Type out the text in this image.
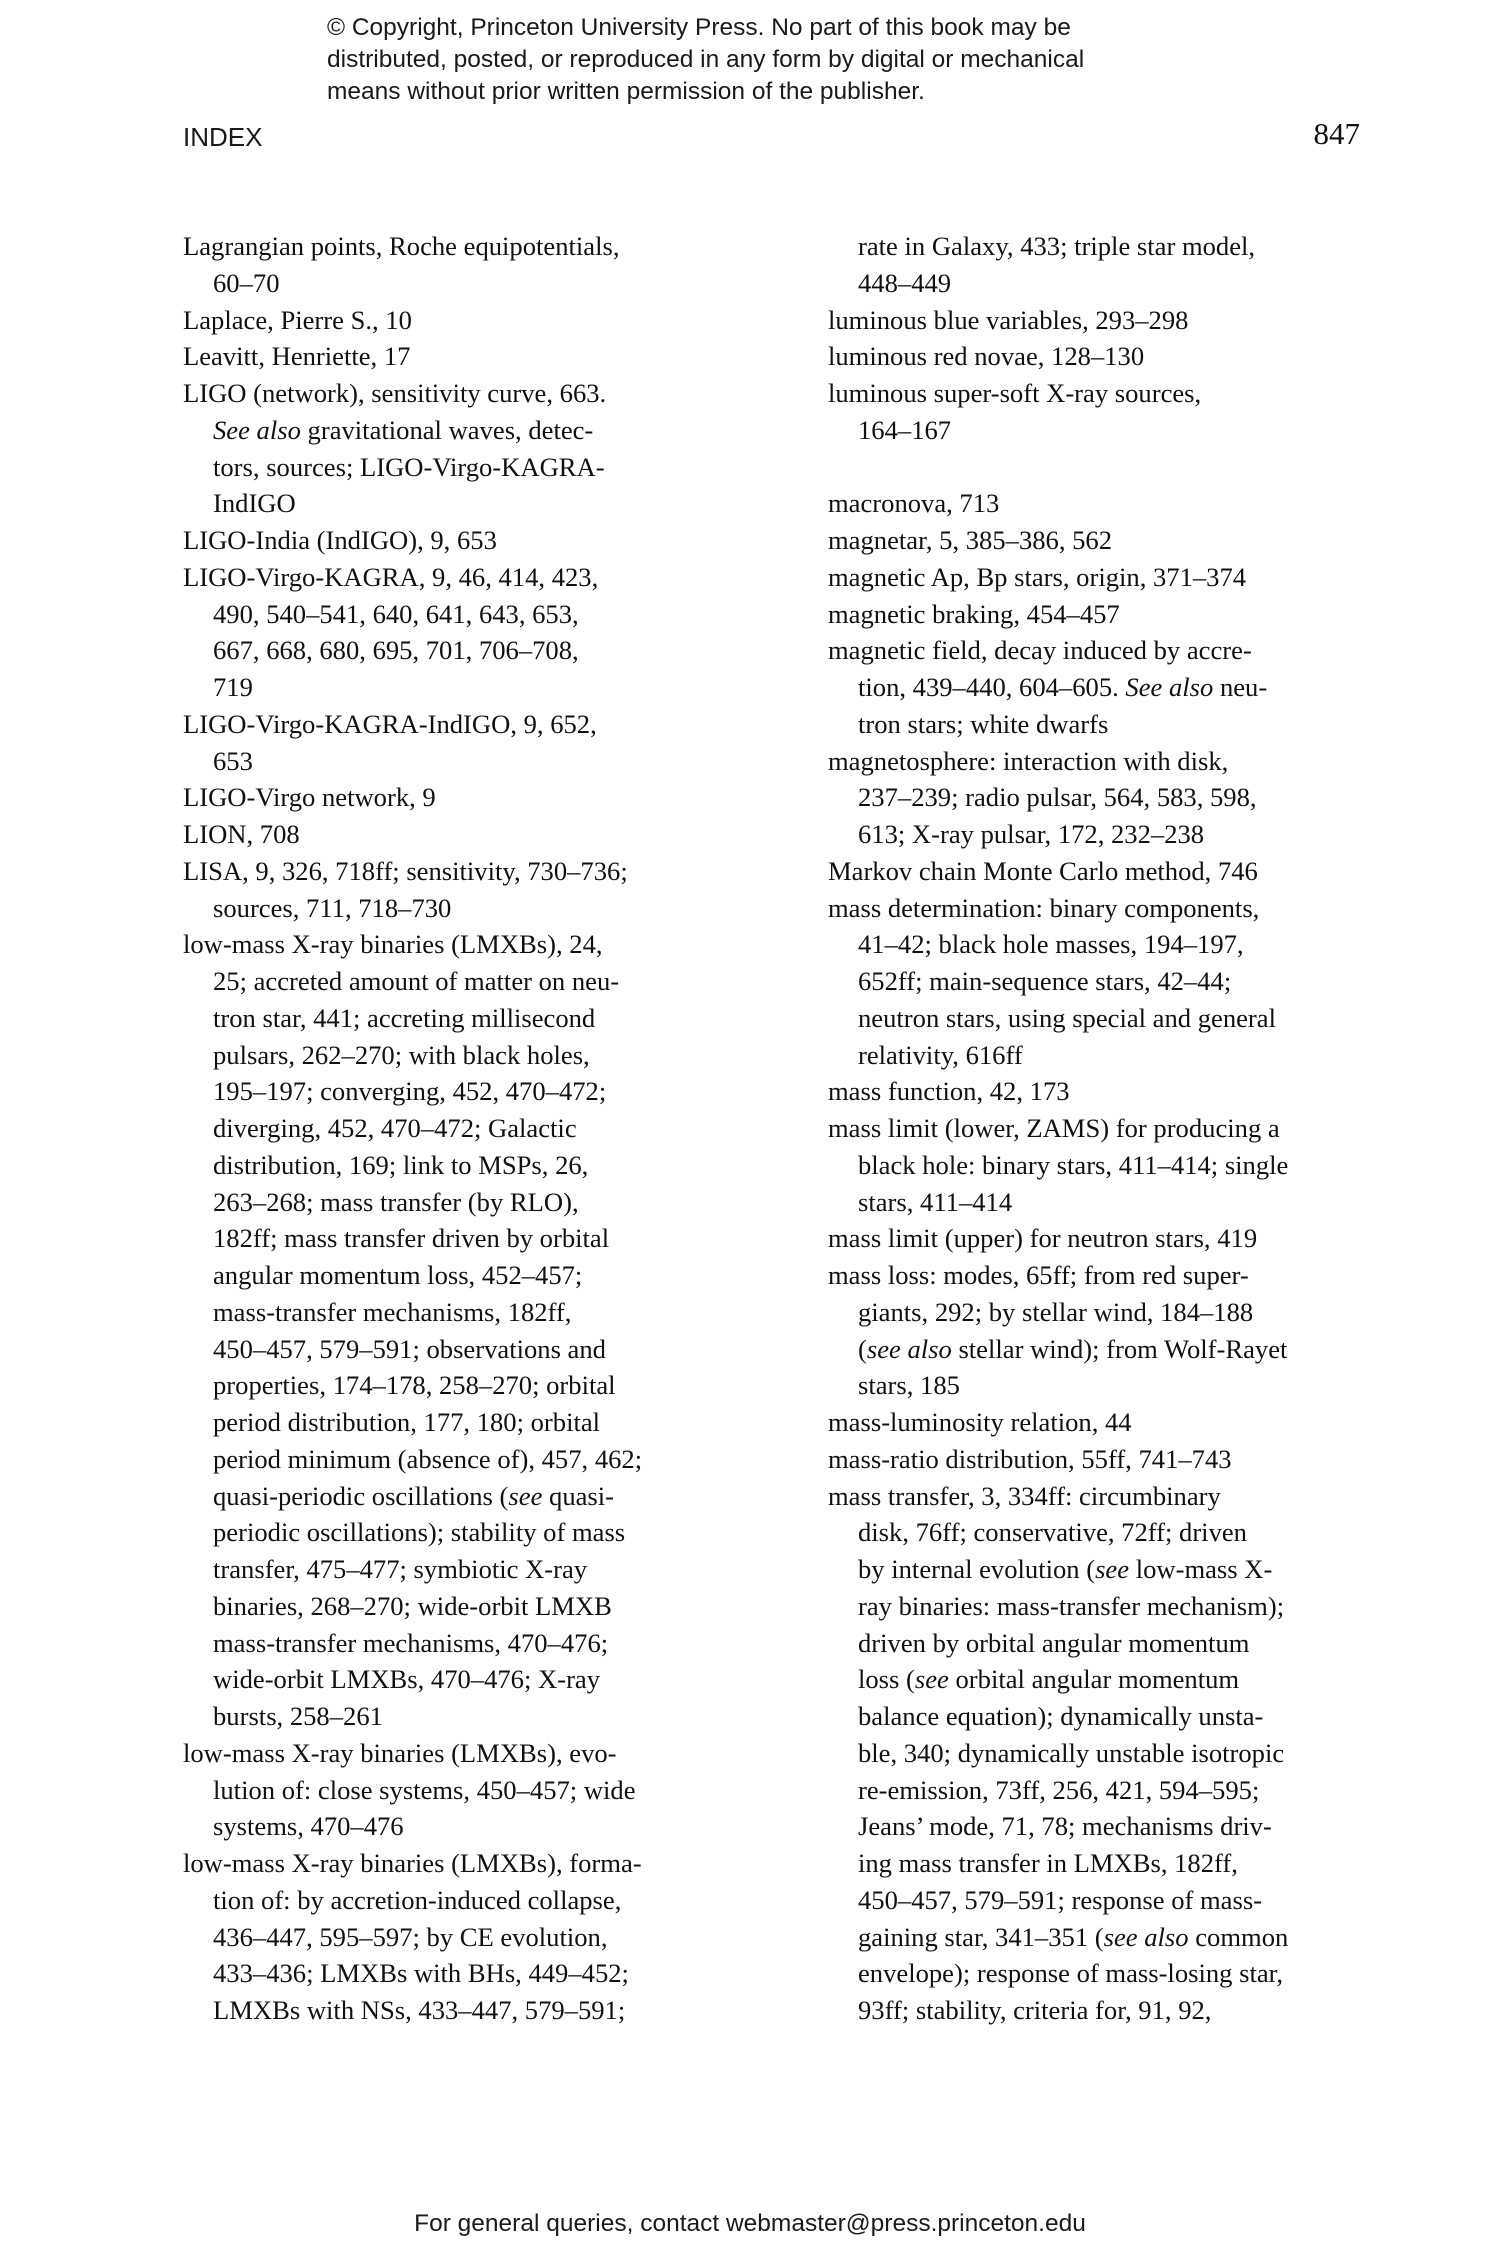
© Copyright, Princeton University Press. No part of this book may be
distributed, posted, or reproduced in any form by digital or mechanical
means without prior written permission of the publisher.
INDEX	847
Lagrangian points, Roche equipotentials,
60–70
Laplace, Pierre S., 10
Leavitt, Henriette, 17
LIGO (network), sensitivity curve, 663.
See also gravitational waves, detec-
tors, sources; LIGO-Virgo-KAGRA-
IndIGO
LIGO-India (IndIGO), 9, 653
LIGO-Virgo-KAGRA, 9, 46, 414, 423,
490, 540–541, 640, 641, 643, 653,
667, 668, 680, 695, 701, 706–708,
719
LIGO-Virgo-KAGRA-IndIGO, 9, 652,
653
LIGO-Virgo network, 9
LION, 708
LISA, 9, 326, 718ff; sensitivity, 730–736;
sources, 711, 718–730
low-mass X-ray binaries (LMXBs), 24,
25; accreted amount of matter on neu-
tron star, 441; accreting millisecond
pulsars, 262–270; with black holes,
195–197; converging, 452, 470–472;
diverging, 452, 470–472; Galactic
distribution, 169; link to MSPs, 26,
263–268; mass transfer (by RLO),
182ff; mass transfer driven by orbital
angular momentum loss, 452–457;
mass-transfer mechanisms, 182ff,
450–457, 579–591; observations and
properties, 174–178, 258–270; orbital
period distribution, 177, 180; orbital
period minimum (absence of), 457, 462;
quasi-periodic oscillations (see quasi-
periodic oscillations); stability of mass
transfer, 475–477; symbiotic X-ray
binaries, 268–270; wide-orbit LMXB
mass-transfer mechanisms, 470–476;
wide-orbit LMXBs, 470–476; X-ray
bursts, 258–261
low-mass X-ray binaries (LMXBs), evo-
lution of: close systems, 450–457; wide
systems, 470–476
low-mass X-ray binaries (LMXBs), forma-
tion of: by accretion-induced collapse,
436–447, 595–597; by CE evolution,
433–436; LMXBs with BHs, 449–452;
LMXBs with NSs, 433–447, 579–591;
rate in Galaxy, 433; triple star model,
448–449
luminous blue variables, 293–298
luminous red novae, 128–130
luminous super-soft X-ray sources,
164–167
macronova, 713
magnetar, 5, 385–386, 562
magnetic Ap, Bp stars, origin, 371–374
magnetic braking, 454–457
magnetic field, decay induced by accre-
tion, 439–440, 604–605. See also neu-
tron stars; white dwarfs
magnetosphere: interaction with disk,
237–239; radio pulsar, 564, 583, 598,
613; X-ray pulsar, 172, 232–238
Markov chain Monte Carlo method, 746
mass determination: binary components,
41–42; black hole masses, 194–197,
652ff; main-sequence stars, 42–44;
neutron stars, using special and general
relativity, 616ff
mass function, 42, 173
mass limit (lower, ZAMS) for producing a
black hole: binary stars, 411–414; single
stars, 411–414
mass limit (upper) for neutron stars, 419
mass loss: modes, 65ff; from red super-
giants, 292; by stellar wind, 184–188
(see also stellar wind); from Wolf-Rayet
stars, 185
mass-luminosity relation, 44
mass-ratio distribution, 55ff, 741–743
mass transfer, 3, 334ff: circumbinary
disk, 76ff; conservative, 72ff; driven
by internal evolution (see low-mass X-
ray binaries: mass-transfer mechanism);
driven by orbital angular momentum
loss (see orbital angular momentum
balance equation); dynamically unsta-
ble, 340; dynamically unstable isotropic
re-emission, 73ff, 256, 421, 594–595;
Jeans’ mode, 71, 78; mechanisms driv-
ing mass transfer in LMXBs, 182ff,
450–457, 579–591; response of mass-
gaining star, 341–351 (see also common
envelope); response of mass-losing star,
93ff; stability, criteria for, 91, 92,
For general queries, contact webmaster@press.princeton.edu
